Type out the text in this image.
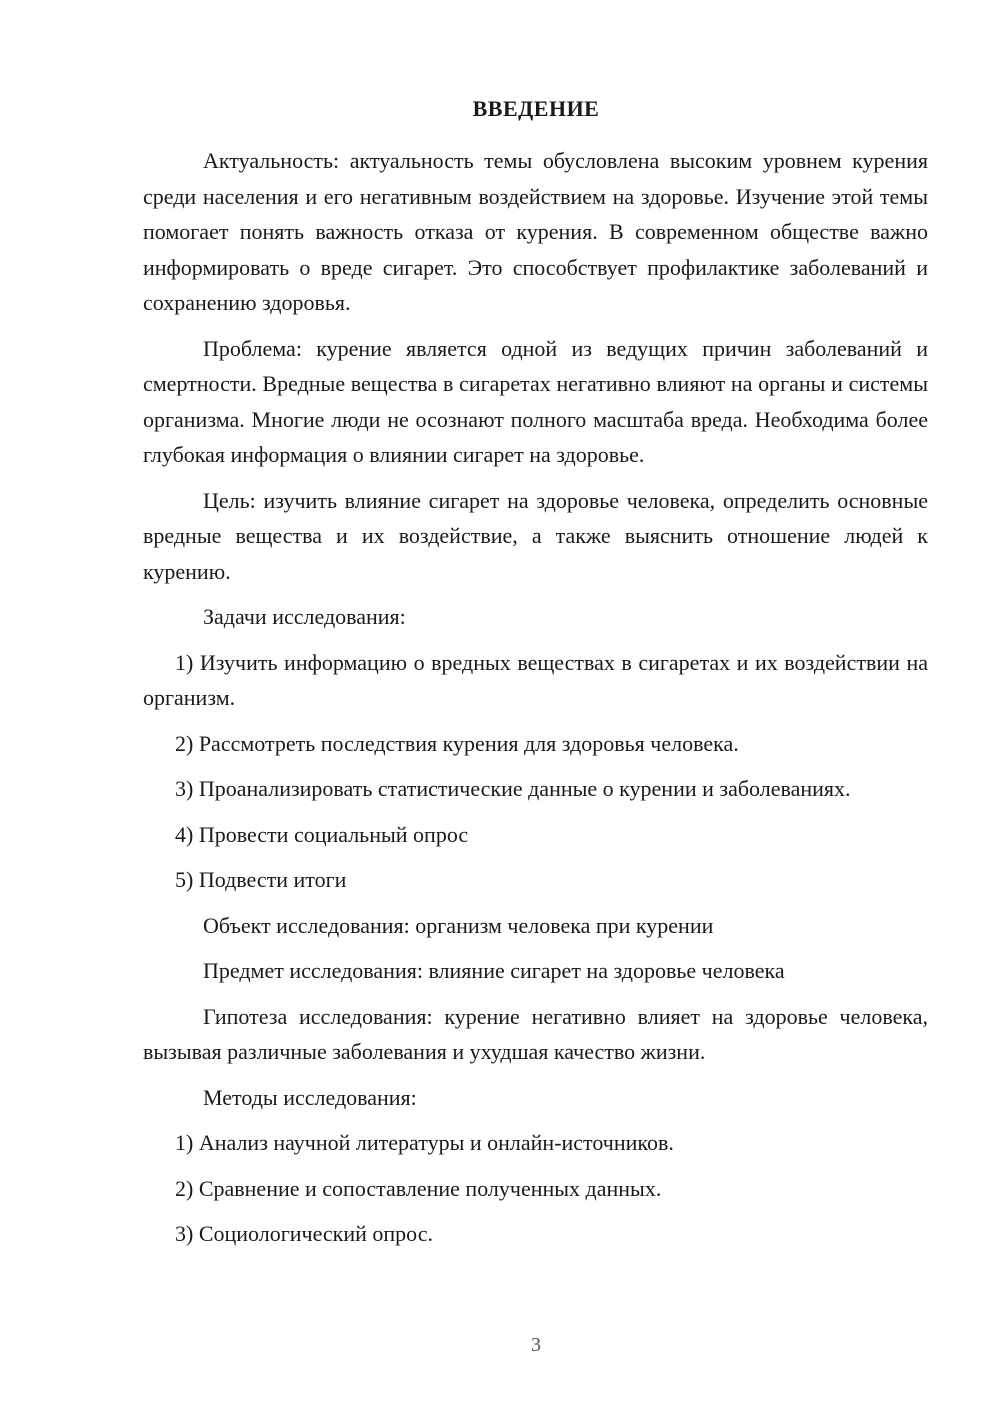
ВВЕДЕНИЕ

Актуальность: актуальность темы обусловлена высоким уровнем курения среди населения и его негативным воздействием на здоровье. Изучение этой темы помогает понять важность отказа от курения. В современном обществе важно информировать о вреде сигарет. Это способствует профилактике заболеваний и сохранению здоровья.

Проблема: курение является одной из ведущих причин заболеваний и смертности. Вредные вещества в сигаретах негативно влияют на органы и системы организма. Многие люди не осознают полного масштаба вреда. Необходима более глубокая информация о влиянии сигарет на здоровье.

Цель: изучить влияние сигарет на здоровье человека, определить основные вредные вещества и их воздействие, а также выяснить отношение людей к курению.

Задачи исследования:

1) Изучить информацию о вредных веществах в сигаретах и их воздействии на организм.

2) Рассмотреть последствия курения для здоровья человека.

3) Проанализировать статистические данные о курении и заболеваниях.

4) Провести социальный опрос

5) Подвести итоги

Объект исследования: организм человека при курении

Предмет исследования: влияние сигарет на здоровье человека

Гипотеза исследования: курение негативно влияет на здоровье человека, вызывая различные заболевания и ухудшая качество жизни.

Методы исследования:

1) Анализ научной литературы и онлайн-источников.

2) Сравнение и сопоставление полученных данных.

3) Социологический опрос.

3
